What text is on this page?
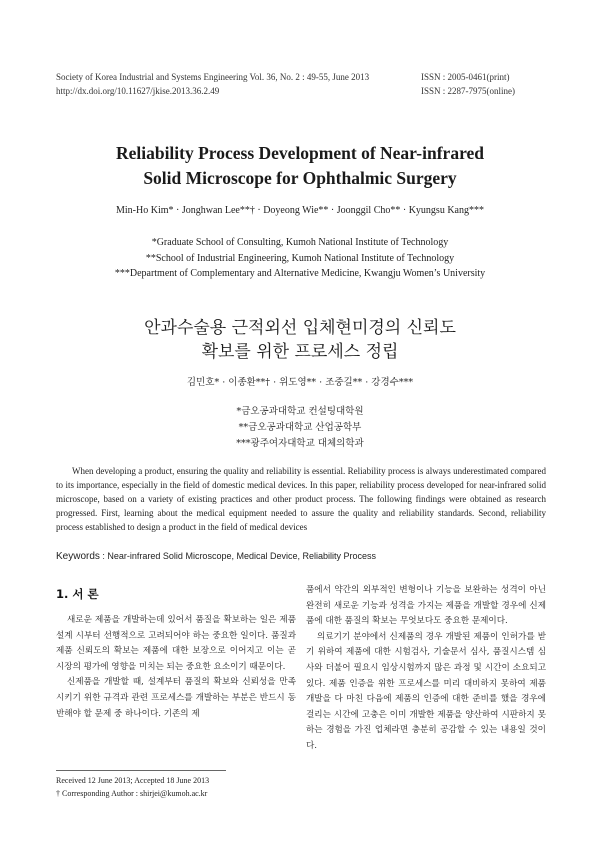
Society of Korea Industrial and Systems Engineering Vol. 36, No. 2 : 49-55, June 2013	ISSN : 2005-0461(print)
http://dx.doi.org/10.11627/jkise.2013.36.2.49	ISSN : 2287-7975(online)
Reliability Process Development of Near-infrared
Solid Microscope for Ophthalmic Surgery
Min-Ho Kim* · Jonghwan Lee**† · Doyeong Wie** · Joonggil Cho** · Kyungsu Kang***
*Graduate School of Consulting, Kumoh National Institute of Technology
**School of Industrial Engineering, Kumoh National Institute of Technology
***Department of Complementary and Alternative Medicine, Kwangju Women’s University
안과수술용 근적외선 입체현미경의 신뢰도
확보를 위한 프로세스 정립
김민호* · 이종환**† · 위도영** · 조중길** · 강경수***
*금오공과대학교 컨설팅대학원
**금오공과대학교 산업공학부
***광주여자대학교 대체의학과

When developing a product, ensuring the quality and reliability is essential. Reliability process is always underestimated compared to its importance, especially in the field of domestic medical devices. In this paper, reliability process developed for near-infrared solid microscope, based on a variety of existing practices and other product process. The following findings were obtained as research progressed. First, learning about the medical equipment needed to assure the quality and reliability standards. Second, reliability process established to design a product in the field of medical devices

Keywords : Near-infrared Solid Microscope, Medical Device, Reliability Process
1. 서 론

새로운 제품을 개발하는데 있어서 품질을 확보하는 일은 제품설계 시부터 선행적으로 고려되어야 하는 중요한 일이다. 품질과 제품 신뢰도의 확보는 제품에 대한 보장으로 이어지고 이는 곧 시장의 평가에 영향을 미치는 되는 중요한 요소이기 때문이다.

신제품을 개발할 때, 설계부터 품질의 확보와 신뢰성을 만족시키기 위한 규격과 관련 프로세스를 개발하는 부분은 반드시 동반해야 할 문제 중 하나이다. 기존의 제

품에서 약간의 외부적인 변형이나 기능을 보완하는 성격이 아닌 완전히 새로운 기능과 성격을 가지는 제품을 개발할 경우에 신제품에 대한 품질의 확보는 무엇보다도 중요한 문제이다.

의료기기 분야에서 신제품의 경우 개발된 제품이 인허가를 받기 위하여 제품에 대한 시험검사, 기술문서 심사, 품질시스템 심사와 더불어 필요시 임상시험까지 많은 과정 및 시간이 소요되고 있다. 제품 인증을 위한 프로세스를 미리 대비하지 못하여 제품개발을 다 마친 다음에 제품의 인증에 대한 준비를 했을 경우에 걸리는 시간에 고충은 이미 개발한 제품을 양산하여 시판하지 못하는 경험을 가진 업체라면 충분히 공감할 수 있는 내용일 것이다.

Received 12 June 2013; Accepted 18 June 2013
† Corresponding Author : shirjei@kumoh.ac.kr
